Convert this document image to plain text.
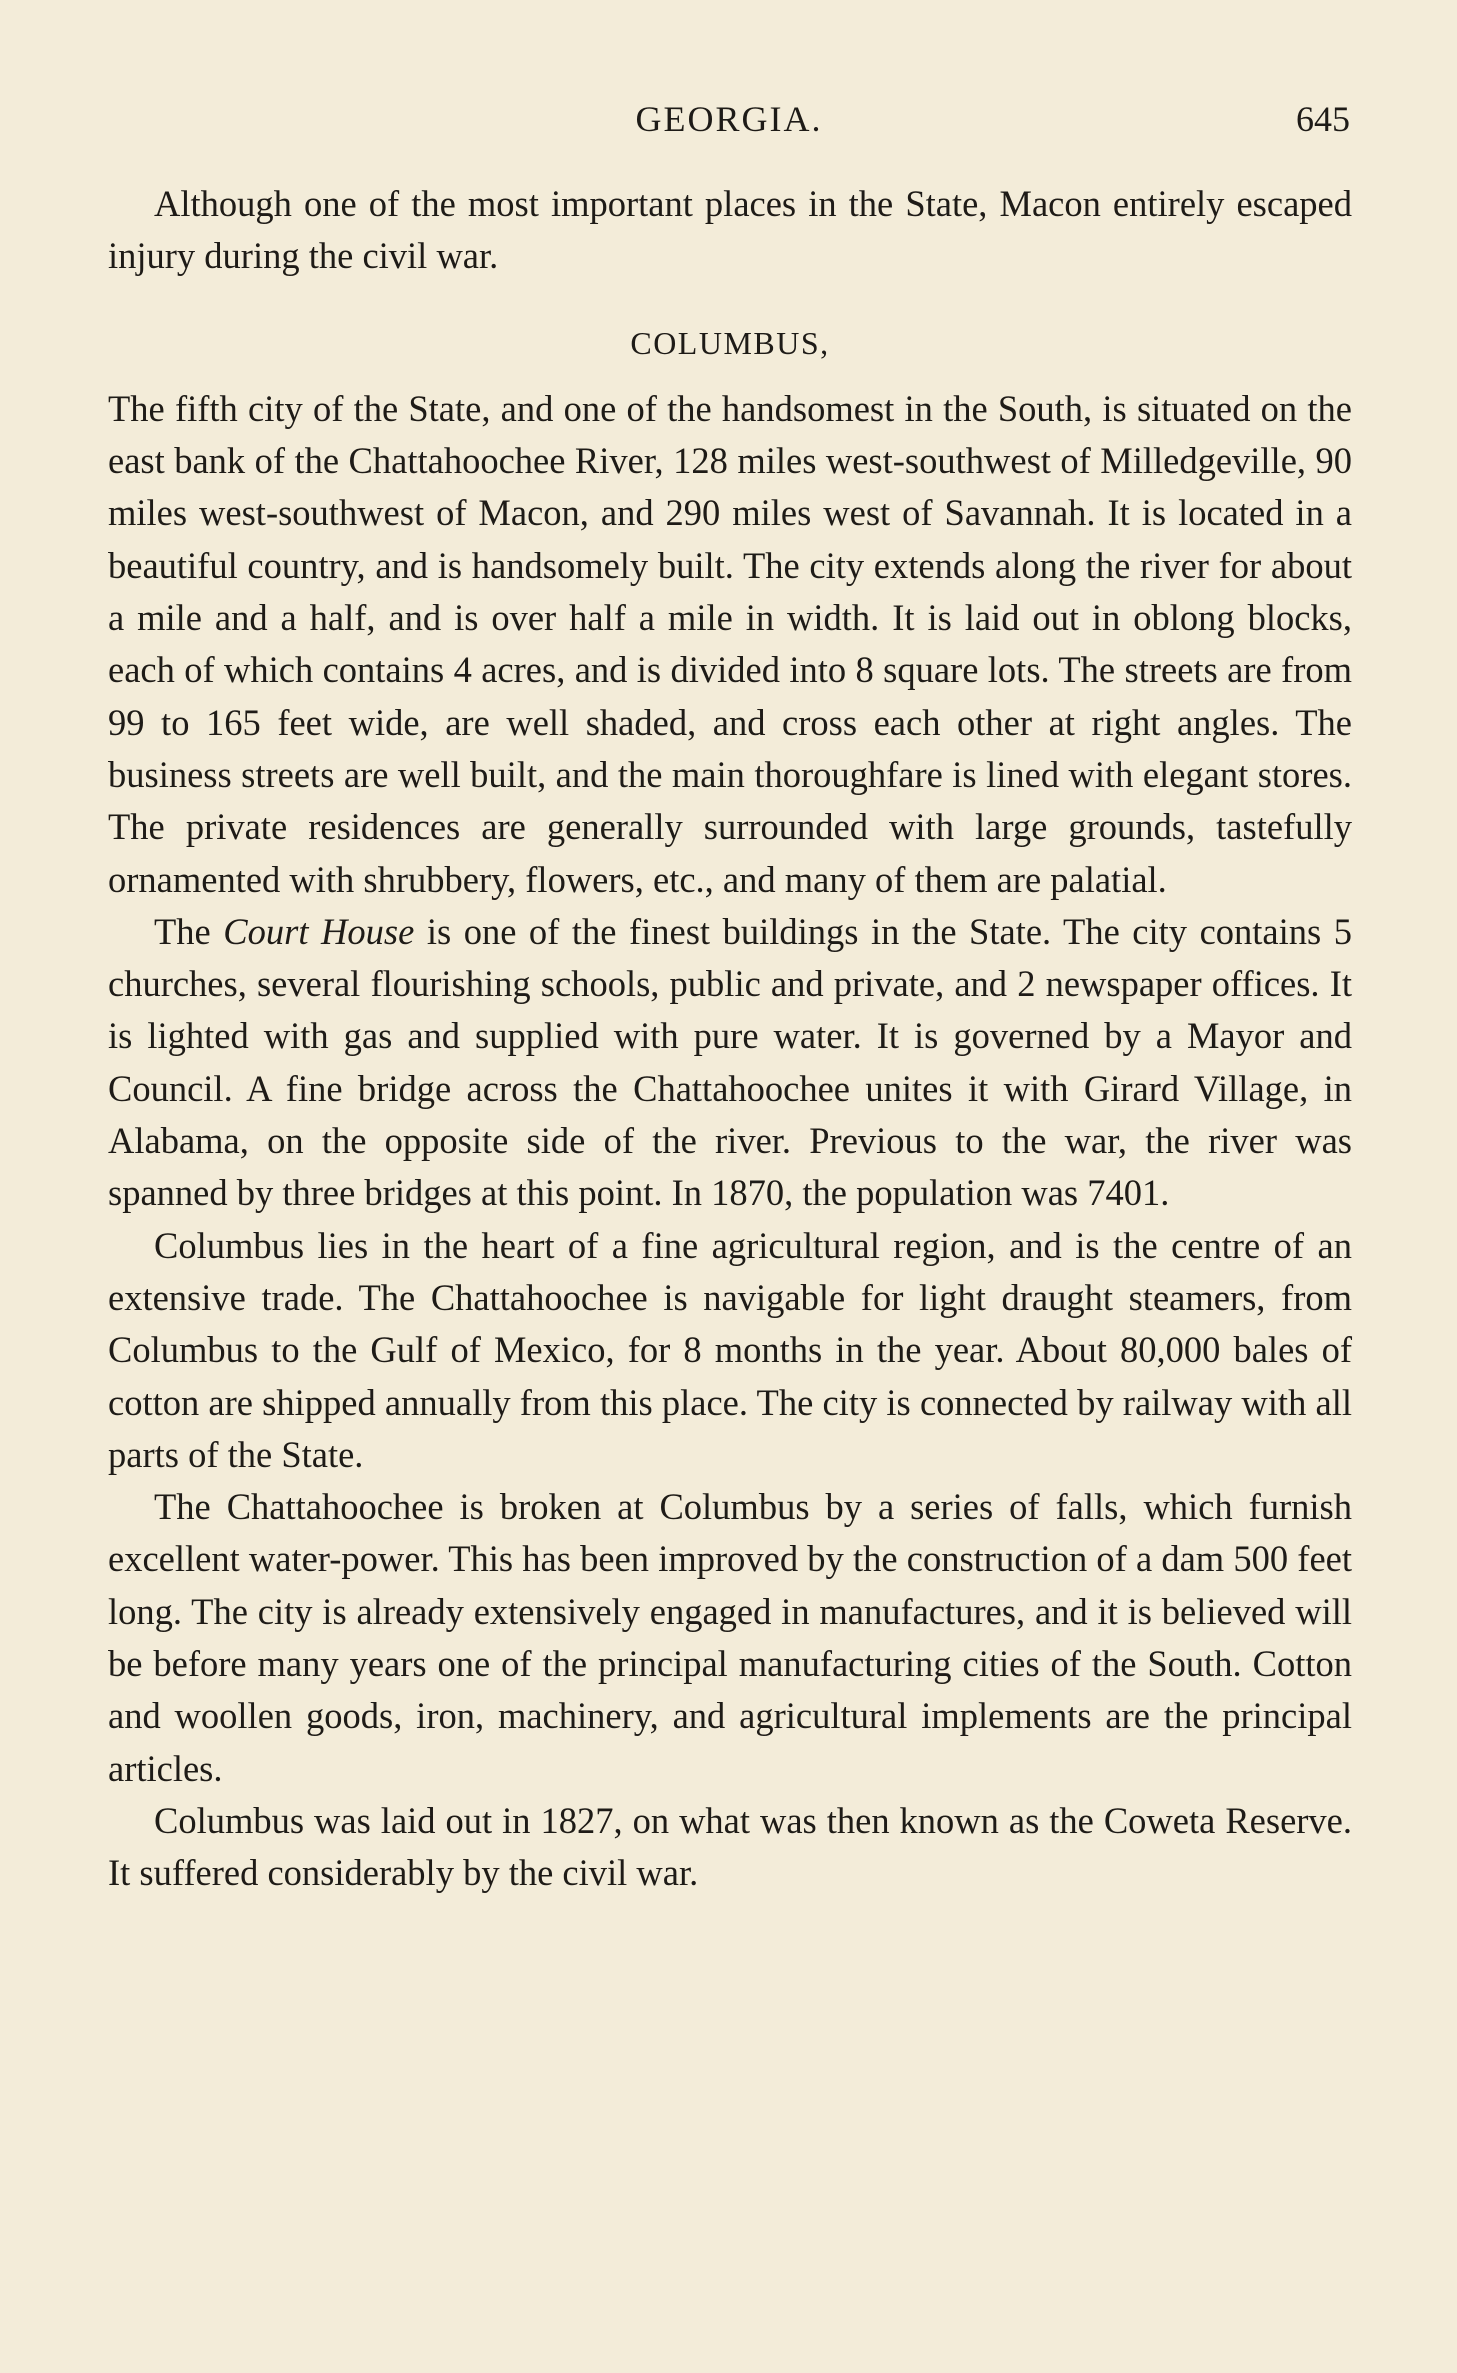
GEORGIA.	645

Although one of the most important places in the State, Macon entirely escaped injury during the civil war.

COLUMBUS,

The fifth city of the State, and one of the handsomest in the South, is situated on the east bank of the Chattahoochee River, 128 miles west-southwest of Milledgeville, 90 miles west-southwest of Macon, and 290 miles west of Savannah. It is located in a beautiful country, and is handsomely built. The city extends along the river for about a mile and a half, and is over half a mile in width. It is laid out in oblong blocks, each of which contains 4 acres, and is divided into 8 square lots. The streets are from 99 to 165 feet wide, are well shaded, and cross each other at right angles. The business streets are well built, and the main thoroughfare is lined with elegant stores. The private residences are generally surrounded with large grounds, tastefully ornamented with shrubbery, flowers, etc., and many of them are palatial.

The Court House is one of the finest buildings in the State. The city contains 5 churches, several flourishing schools, public and private, and 2 newspaper offices. It is lighted with gas and supplied with pure water. It is governed by a Mayor and Council. A fine bridge across the Chattahoochee unites it with Girard Village, in Alabama, on the opposite side of the river. Previous to the war, the river was spanned by three bridges at this point. In 1870, the population was 7401.

Columbus lies in the heart of a fine agricultural region, and is the centre of an extensive trade. The Chattahoochee is navigable for light draught steamers, from Columbus to the Gulf of Mexico, for 8 months in the year. About 80,000 bales of cotton are shipped annually from this place. The city is connected by railway with all parts of the State.

The Chattahoochee is broken at Columbus by a series of falls, which furnish excellent water-power. This has been improved by the construction of a dam 500 feet long. The city is already extensively engaged in manufactures, and it is believed will be before many years one of the principal manufacturing cities of the South. Cotton and woollen goods, iron, machinery, and agricultural implements are the principal articles.

Columbus was laid out in 1827, on what was then known as the Coweta Reserve. It suffered considerably by the civil war.
